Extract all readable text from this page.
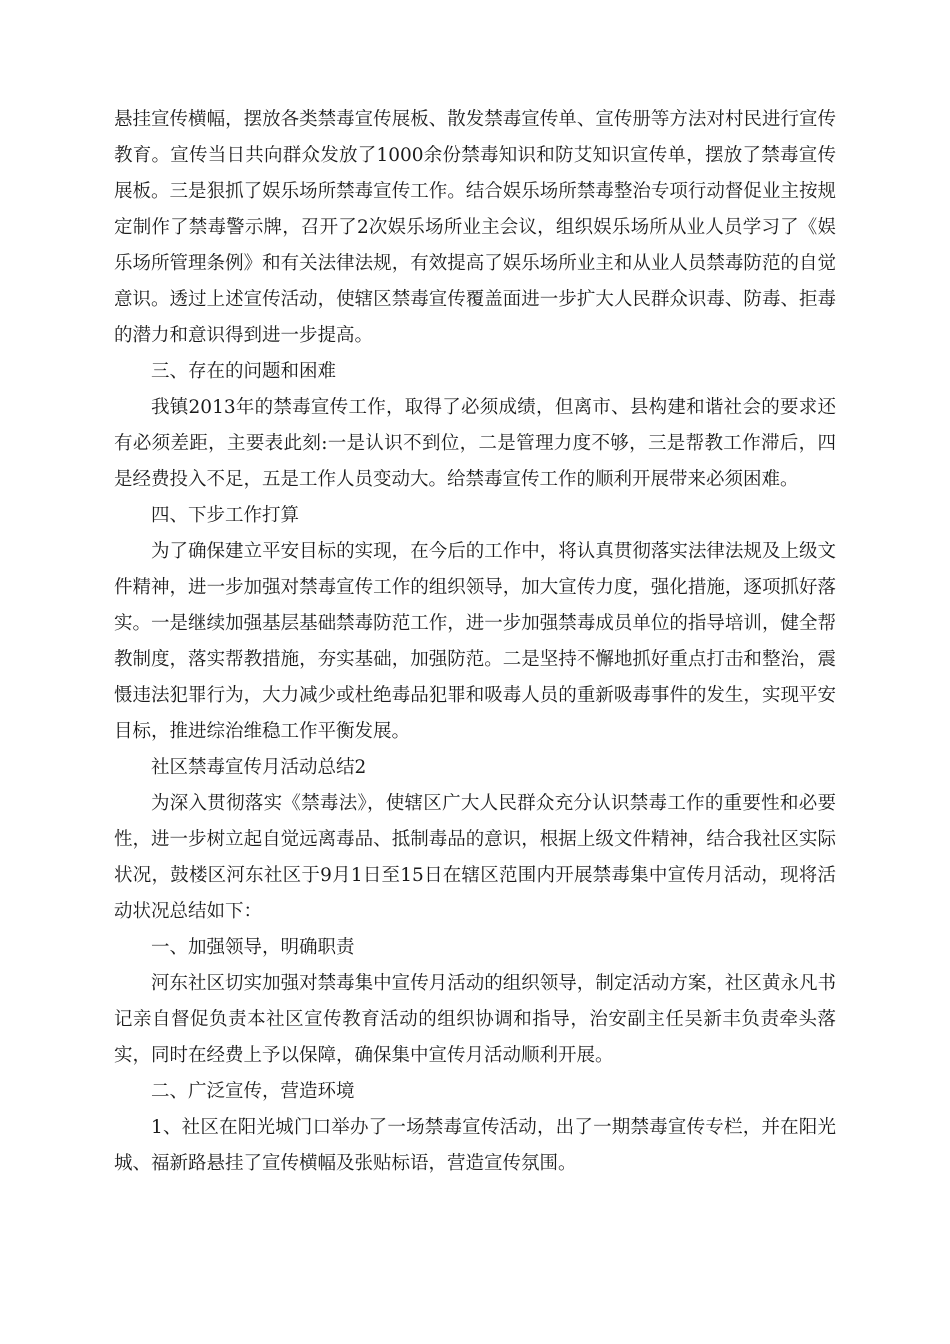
悬挂宣传横幅，摆放各类禁毒宣传展板、散发禁毒宣传单、宣传册等方法对村民进行宣传教育。宣传当日共向群众发放了1000余份禁毒知识和防艾知识宣传单，摆放了禁毒宣传展板。三是狠抓了娱乐场所禁毒宣传工作。结合娱乐场所禁毒整治专项行动督促业主按规定制作了禁毒警示牌，召开了2次娱乐场所业主会议，组织娱乐场所从业人员学习了《娱乐场所管理条例》和有关法律法规，有效提高了娱乐场所业主和从业人员禁毒防范的自觉意识。透过上述宣传活动，使辖区禁毒宣传覆盖面进一步扩大人民群众识毒、防毒、拒毒的潜力和意识得到进一步提高。

三、存在的问题和困难

我镇2013年的禁毒宣传工作，取得了必须成绩，但离市、县构建和谐社会的要求还有必须差距，主要表此刻:一是认识不到位，二是管理力度不够，三是帮教工作滞后，四是经费投入不足，五是工作人员变动大。给禁毒宣传工作的顺利开展带来必须困难。

四、下步工作打算

为了确保建立平安目标的实现，在今后的工作中，将认真贯彻落实法律法规及上级文件精神，进一步加强对禁毒宣传工作的组织领导，加大宣传力度，强化措施，逐项抓好落实。一是继续加强基层基础禁毒防范工作，进一步加强禁毒成员单位的指导培训，健全帮教制度，落实帮教措施，夯实基础，加强防范。二是坚持不懈地抓好重点打击和整治，震慑违法犯罪行为，大力减少或杜绝毒品犯罪和吸毒人员的重新吸毒事件的发生，实现平安目标，推进综治维稳工作平衡发展。

社区禁毒宣传月活动总结2

为深入贯彻落实《禁毒法》，使辖区广大人民群众充分认识禁毒工作的重要性和必要性，进一步树立起自觉远离毒品、抵制毒品的意识，根据上级文件精神，结合我社区实际状况，鼓楼区河东社区于9月1日至15日在辖区范围内开展禁毒集中宣传月活动，现将活动状况总结如下：

一、加强领导，明确职责

河东社区切实加强对禁毒集中宣传月活动的组织领导，制定活动方案，社区黄永凡书记亲自督促负责本社区宣传教育活动的组织协调和指导，治安副主任吴新丰负责牵头落实，同时在经费上予以保障，确保集中宣传月活动顺利开展。

二、广泛宣传，营造环境

1、社区在阳光城门口举办了一场禁毒宣传活动，出了一期禁毒宣传专栏，并在阳光城、福新路悬挂了宣传横幅及张贴标语，营造宣传氛围。
